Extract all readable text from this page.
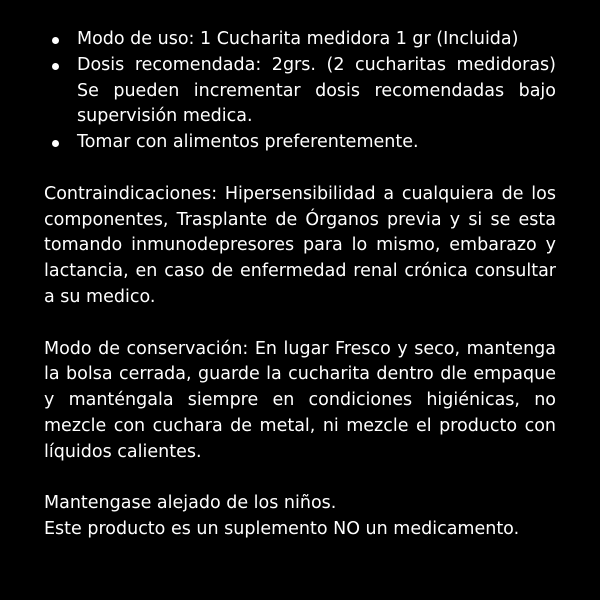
Modo de uso: 1 Cucharita medidora 1 gr (Incluida)
Dosis recomendada: 2grs. (2 cucharitas medidoras) Se pueden incrementar dosis recomendadas bajo supervisión medica.
Tomar con alimentos preferentemente.

Contraindicaciones: Hipersensibilidad a cualquiera de los componentes, Trasplante de Órganos previa y si se esta tomando inmunodepresores para lo mismo, embarazo y lactancia, en caso de enfermedad renal crónica consultar a su medico.

Modo de conservación: En lugar Fresco y seco, mantenga la bolsa cerrada, guarde la cucharita dentro dle empaque y manténgala siempre en condiciones higiénicas, no mezcle con cuchara de metal, ni mezcle el producto con líquidos calientes.

Mantengase alejado de los niños.

Este producto es un suplemento NO un medicamento.
